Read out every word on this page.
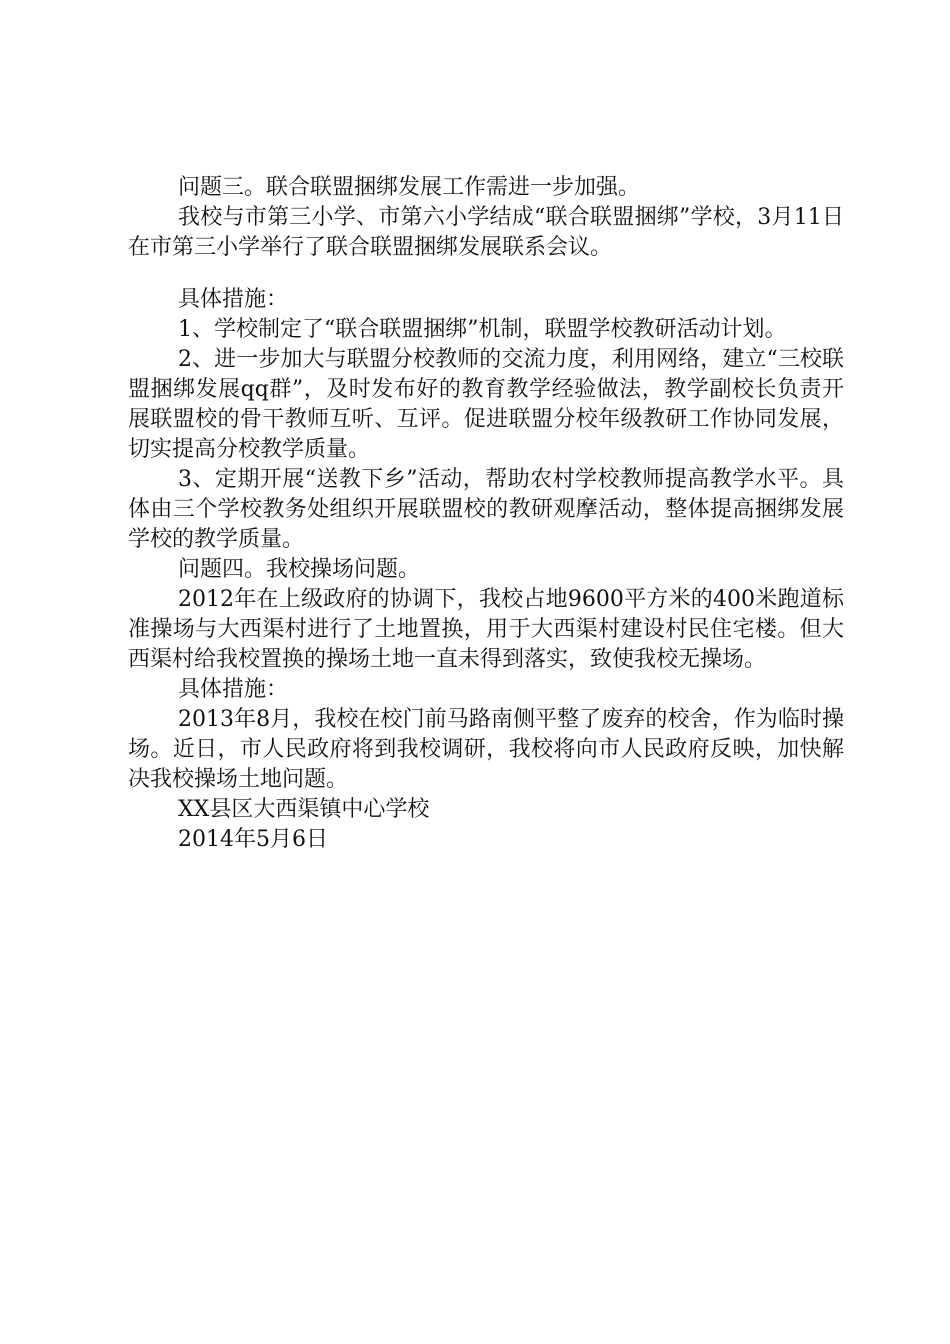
问题三。联合联盟捆绑发展工作需进一步加强。

我校与市第三小学、市第六小学结成“联合联盟捆绑”学校，3月11日在市第三小学举行了联合联盟捆绑发展联系会议。

具体措施：

1、学校制定了“联合联盟捆绑”机制，联盟学校教研活动计划。

2、进一步加大与联盟分校教师的交流力度，利用网络，建立“三校联盟捆绑发展qq群”，及时发布好的教育教学经验做法，教学副校长负责开展联盟校的骨干教师互听、互评。促进联盟分校年级教研工作协同发展，切实提高分校教学质量。

3、定期开展“送教下乡”活动，帮助农村学校教师提高教学水平。具体由三个学校教务处组织开展联盟校的教研观摩活动，整体提高捆绑发展学校的教学质量。

问题四。我校操场问题。

2012年在上级政府的协调下，我校占地9600平方米的400米跑道标准操场与大西渠村进行了土地置换，用于大西渠村建设村民住宅楼。但大西渠村给我校置换的操场土地一直未得到落实，致使我校无操场。

具体措施：

2013年8月，我校在校门前马路南侧平整了废弃的校舍，作为临时操场。近日，市人民政府将到我校调研，我校将向市人民政府反映，加快解决我校操场土地问题。

XX县区大西渠镇中心学校

2014年5月6日
